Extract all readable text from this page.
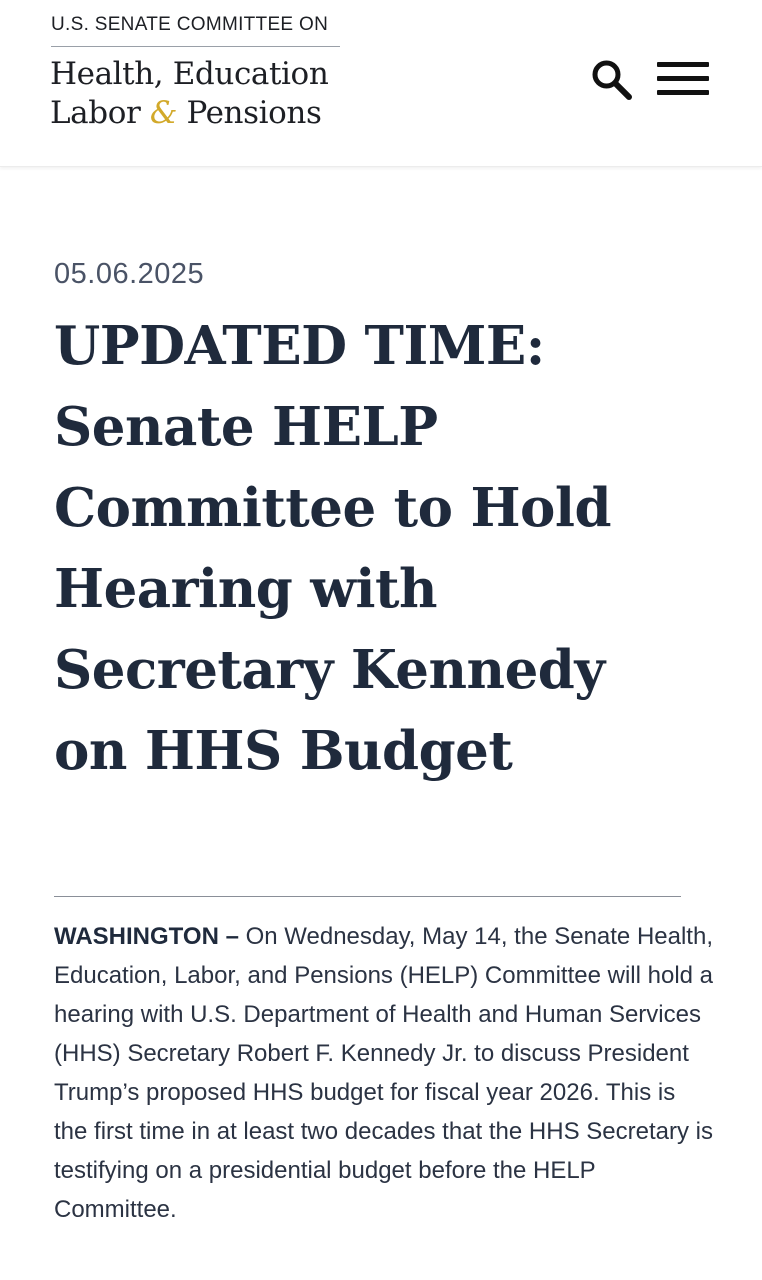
U.S. SENATE COMMITTEE ON
Health, Education
Labor & Pensions
05.06.2025
UPDATED TIME: Senate HELP Committee to Hold Hearing with Secretary Kennedy on HHS Budget

WASHINGTON – On Wednesday, May 14, the Senate Health, Education, Labor, and Pensions (HELP) Committee will hold a hearing with U.S. Department of Health and Human Services (HHS) Secretary Robert F. Kennedy Jr. to discuss President Trump’s proposed HHS budget for fiscal year 2026. This is the first time in at least two decades that the HHS Secretary is testifying on a presidential budget before the HELP Committee.
